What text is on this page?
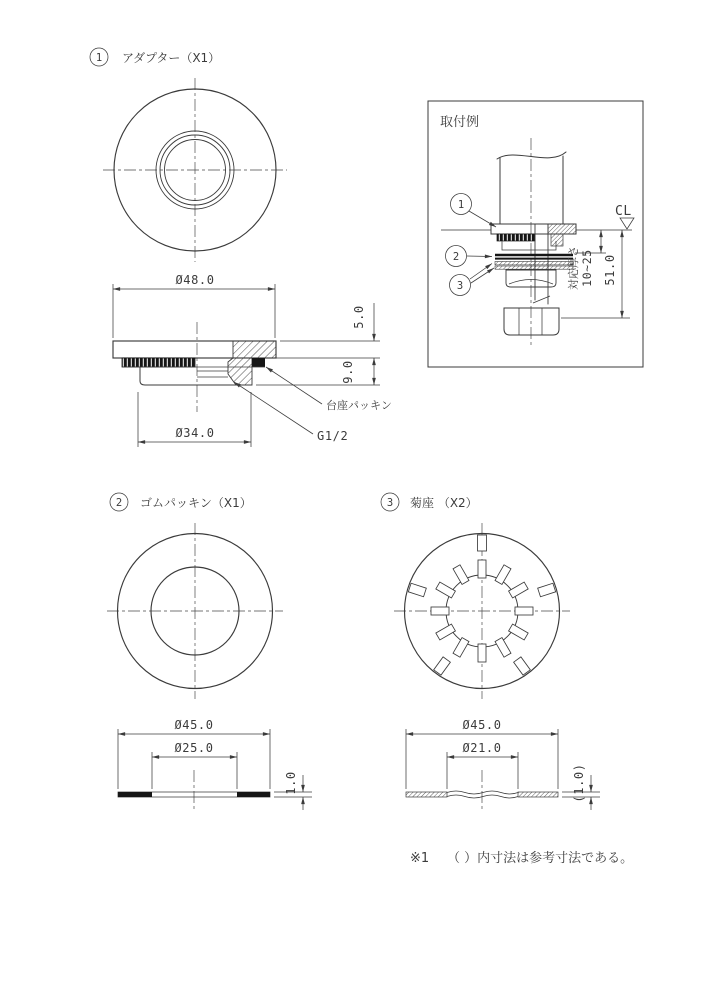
1 アダプター（X1）
Ø48.0
5.0
9.0
Ø34.0	G1/2
台座パッキン
取付例
1
2
3
CL
対応厚さ 10~25 51.0
2 ゴムパッキン（X1）
Ø45.0
Ø25.0
1.0
3 菊座 （X2）
Ø45.0
Ø21.0
(1.0)
※1 （ ）内寸法は参考寸法である。
